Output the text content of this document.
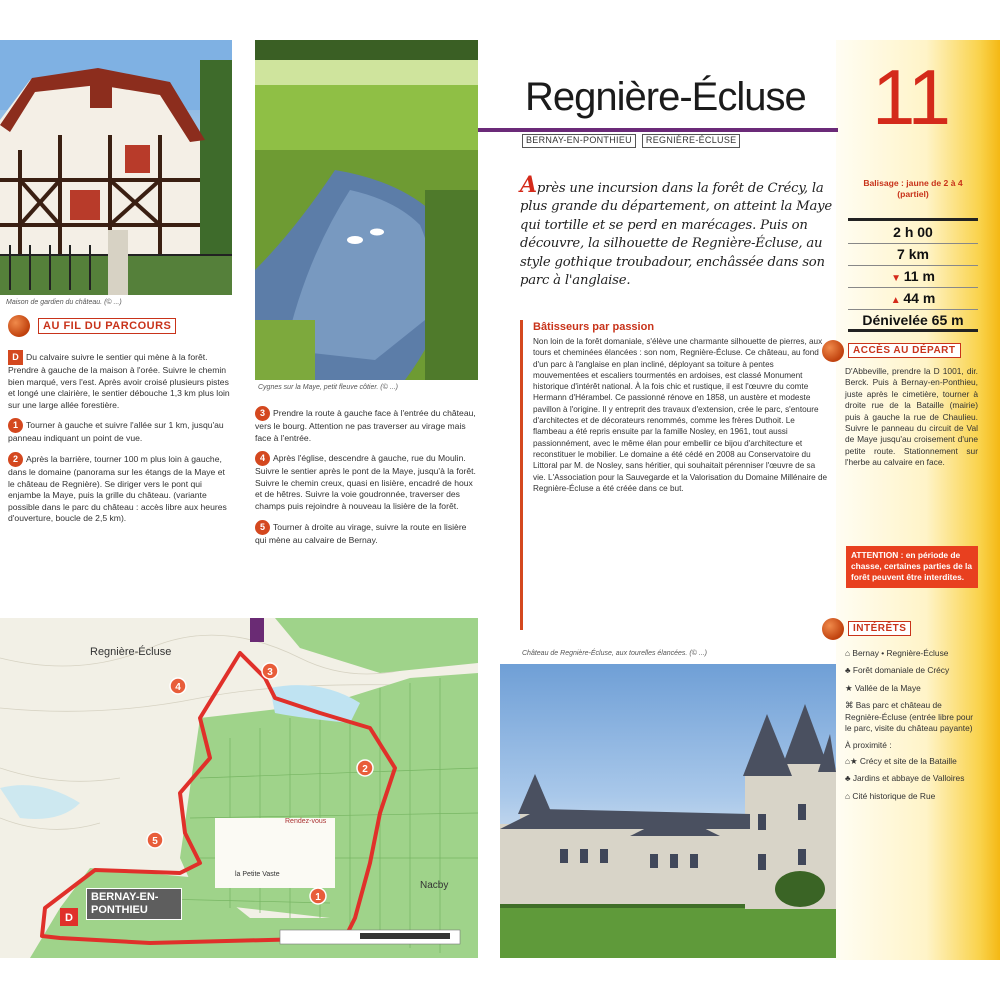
Maison de gardien du château. (© ...)
Cygnes sur la Maye, petit fleuve côtier. (© ...)
Regnière-Écluse 11
BERNAY-EN-PONTHIEU	REGNIÈRE-ÉCLUSE
Après une incursion dans la forêt de Crécy, la plus grande du département, on atteint la Maye qui tortille et se perd en marécages. Puis on découvre, la silhouette de Regnière-Écluse, au style gothique troubadour, enchâssée dans son parc à l'anglaise.
Bâtisseurs par passion
Non loin de la forêt domaniale, s'élève une charmante silhouette de pierres, aux tours et cheminées élancées : son nom, Regnière-Écluse. Ce château, au fond d'un parc à l'anglaise en plan incliné, déployant sa toiture à pentes mouvementées et escaliers tourmentés en ardoises, est classé Monument historique d'intérêt national. À la fois chic et rustique, il est l'œuvre du comte Hermann d'Hérambel. Ce passionné rénove en 1858, un austère et modeste pavillon à l'origine. Il y entreprit des travaux d'extension, crée le parc, s'entoure d'architectes et de décorateurs renommés, comme les frères Duthoit. Le flambeau a été repris ensuite par la famille Nosley, en 1961, tout aussi passionnément, avec le même élan pour embellir ce bijou d'architecture et reconstituer le mobilier. Le domaine a été cédé en 2008 au Conservatoire du Littoral par M. de Nosley, sans héritier, qui souhaitait pérenniser l'œuvre de sa vie. L'Association pour la Sauvegarde et la Valorisation du Domaine Millénaire de Regnière-Écluse a été créée dans ce but.
AU FIL DU PARCOURS

D Du calvaire suivre le sentier qui mène à la forêt. Prendre à gauche de la maison à l'orée. Suivre le chemin bien marqué, vers l'est. Après avoir croisé plusieurs pistes et longé une clairière, le sentier débouche 1,3 km plus loin sur une large allée forestière.

1 Tourner à gauche et suivre l'allée sur 1 km, jusqu'au panneau indiquant un point de vue.

2 Après la barrière, tourner 100 m plus loin à gauche, dans le domaine (panorama sur les étangs de la Maye et le château de Regnière). Se diriger vers le pont qui enjambe la Maye, puis la grille du château. (variante possible dans le parc du château : accès libre aux heures d'ouverture, boucle de 2,5 km).

3 Prendre la route à gauche face à l'entrée du château, vers le bourg. Attention ne pas traverser au virage mais face à l'entrée.

4 Après l'église, descendre à gauche, rue du Moulin. Suivre le sentier après le pont de la Maye, jusqu'à la forêt. Suivre le chemin creux, quasi en lisière, encadré de houx et de hêtres. Suivre la voie goudronnée, traverser des champs puis rejoindre à nouveau la lisière de la forêt.

5 Tourner à droite au virage, suivre la route en lisière qui mène au calvaire de Bernay.

1
2
3
4
5
D
Regnière-Écluse
Nacby
la Petite Vaste
Rendez-vous
BERNAY-EN-PONTHIEU
Château de Regnière-Écluse, aux tourelles élancées. (© ...)
Balisage : jaune de 2 à 4 (partiel)
2 h 00
7 km
▼ 11 m
▲ 44 m
Dénivelée 65 m
ACCÈS AU DÉPART
D'Abbeville, prendre la D 1001, dir. Berck. Puis à Bernay-en-Ponthieu, juste après le cimetière, tourner à droite rue de la Bataille (mairie) puis à gauche la rue de Chaulieu. Suivre le panneau du circuit de Val de Maye jusqu'au croisement d'une petite route. Stationnement sur l'herbe au calvaire en face.
ATTENTION : en période de chasse, certaines parties de la forêt peuvent être interdites.
INTÉRÊTS
⌂ Bernay • Regnière-Écluse
♣ Forêt domaniale de Crécy
★ Vallée de la Maye
⌘ Bas parc et château de Regnière-Écluse (entrée libre pour le parc, visite du château payante)
À proximité :
⌂★ Crécy et site de la Bataille
♣ Jardins et abbaye de Valloires
⌂ Cité historique de Rue
